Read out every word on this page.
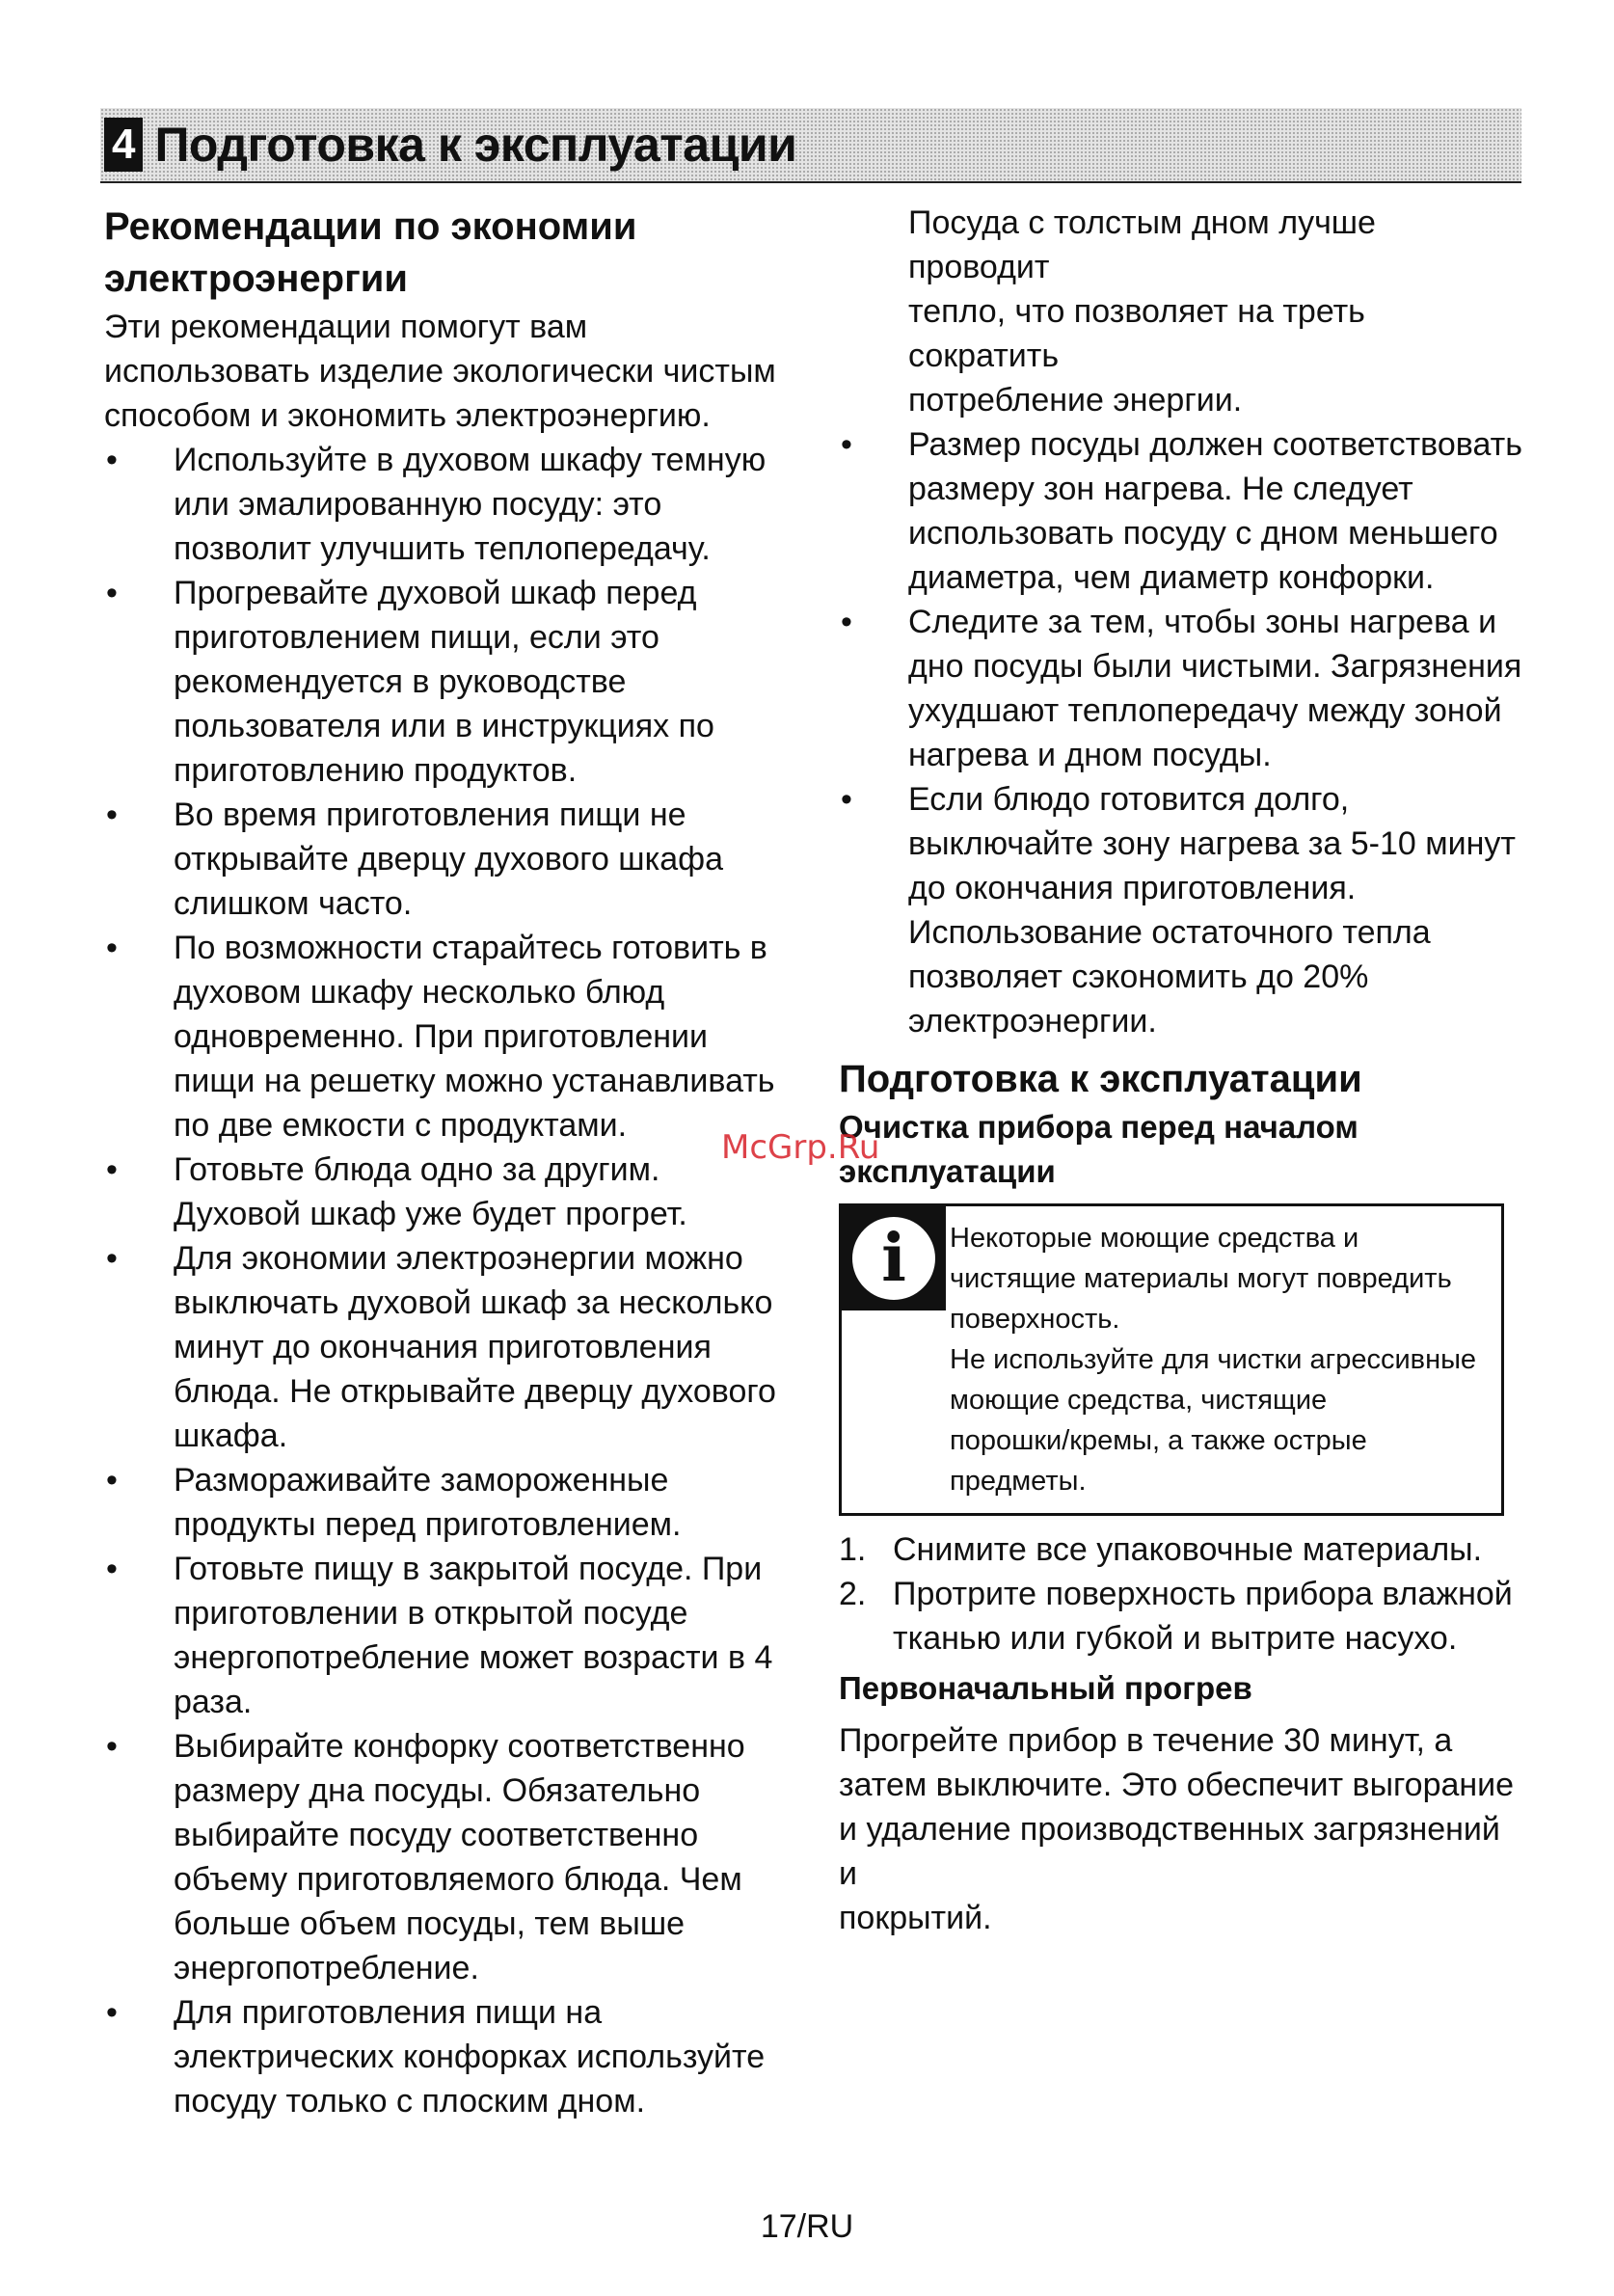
4 Подготовка к эксплуатации
Рекомендации по экономии
электроэнергии

Эти рекомендации помогут вам
использовать изделие экологически чистым
способом и экономить электроэнергию.

• Используйте в духовом шкафу темную
или эмалированную посуду: это
позволит улучшить теплопередачу.
• Прогревайте духовой шкаф перед
приготовлением пищи, если это
рекомендуется в руководстве
пользователя или в инструкциях по
приготовлению продуктов.
• Во время приготовления пищи не
открывайте дверцу духового шкафа
слишком часто.
• По возможности старайтесь готовить в
духовом шкафу несколько блюд
одновременно. При приготовлении
пищи на решетку можно устанавливать
по две емкости с продуктами.
• Готовьте блюда одно за другим.
Духовой шкаф уже будет прогрет.
• Для экономии электроэнергии можно
выключать духовой шкаф за несколько
минут до окончания приготовления
блюда. Не открывайте дверцу духового
шкафа.
• Размораживайте замороженные
продукты перед приготовлением.
• Готовьте пищу в закрытой посуде. При
приготовлении в открытой посуде
энергопотребление может возрасти в 4
раза.
• Выбирайте конфорку соответственно
размеру дна посуды. Обязательно
выбирайте посуду соответственно
объему приготовляемого блюда. Чем
больше объем посуды, тем выше
энергопотребление.
• Для приготовления пищи на
электрических конфорках используйте
посуду только с плоским дном.

Посуда с толстым дном лучше проводит
тепло, что позволяет на треть сократить
потребление энергии.

• Размер посуды должен соответствовать
размеру зон нагрева. Не следует
использовать посуду с дном меньшего
диаметра, чем диаметр конфорки.
• Следите за тем, чтобы зоны нагрева и
дно посуды были чистыми. Загрязнения
ухудшают теплопередачу между зоной
нагрева и дном посуды.
• Если блюдо готовится долго,
выключайте зону нагрева за 5-10 минут
до окончания приготовления.
Использование остаточного тепла
позволяет сэкономить до 20%
электроэнергии.
Подготовка к эксплуатации
Очистка прибора перед началом
эксплуатации
i	Некоторые моющие средства и
чистящие материалы могут повредить
поверхность.
Не используйте для чистки агрессивные
моющие средства, чистящие
порошки/кремы, а также острые
предметы.
1. Снимите все упаковочные материалы.
2. Протрите поверхность прибора влажной
тканью или губкой и вытрите насухо.
Первоначальный прогрев

Прогрейте прибор в течение 30 минут, а
затем выключите. Это обеспечит выгорание
и удаление производственных загрязнений и
покрытий.

McGrp.Ru
17/RU
